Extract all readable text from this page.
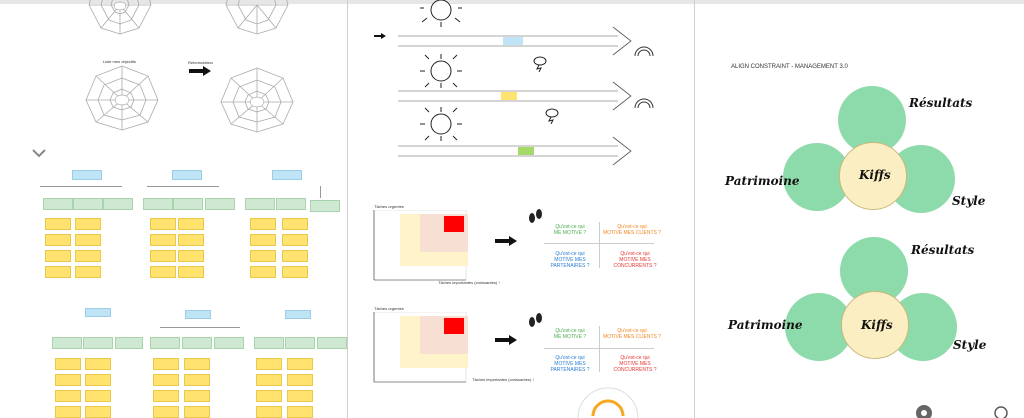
Liste mes objectifs	Reformulation
Tâches urgentes
Tâches importantes (croissantes) ↑
Qu'est-ce qui
ME MOTIVE ?
Qu'est-ce qui
MOTIVE MES CLIENTS ?
Qu'est-ce qui
MOTIVE MES PARTENAIRES ?
Qu'est-ce qui
MOTIVE MES CONCURRENTS ?
Tâches urgentes
Tâches importantes (croissantes) ↑
Qu'est-ce qui
ME MOTIVE ?
Qu'est-ce qui
MOTIVE MES CLIENTS ?
Qu'est-ce qui
MOTIVE MES PARTENAIRES ?
Qu'est-ce qui
MOTIVE MES CONCURRENTS ?
ALIGN CONSTRAINT - MANAGEMENT 3.0
Résultats
Patrimoine
Style
Kiffs
Résultats
Patrimoine
Style
Kiffs
